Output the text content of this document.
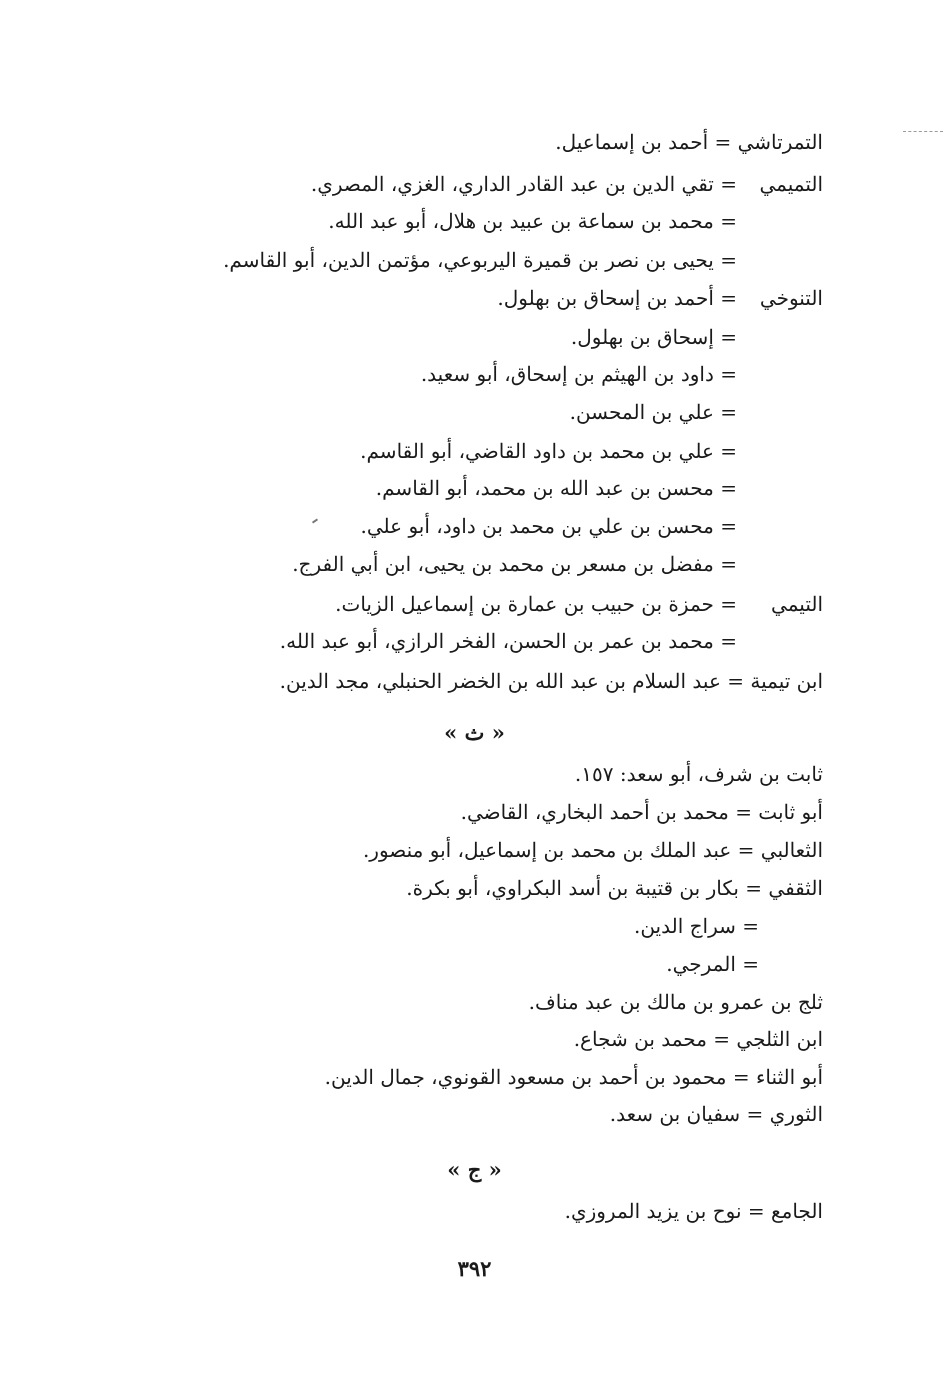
التمرتاشي = أحمد بن إسماعيل.
التميمي= تقي الدين بن عبد القادر الداري، الغزي، المصري.
= محمد بن سماعة بن عبيد بن هلال، أبو عبد الله.
= يحيى بن نصر بن قميرة اليربوعي، مؤتمن الدين، أبو القاسم.
التنوخي= أحمد بن إسحاق بن بهلول.
= إسحاق بن بهلول.
= داود بن الهيثم بن إسحاق، أبو سعيد.
= علي بن المحسن.
= علي بن محمد بن داود القاضي، أبو القاسم.
= محسن بن عبد الله بن محمد، أبو القاسم.
= محسن بن علي بن محمد بن داود، أبو علي.
= مفضل بن مسعر بن محمد بن يحيى، ابن أبي الفرج.
التيمي= حمزة بن حبيب بن عمارة بن إسماعيل الزيات.
= محمد بن عمر بن الحسن، الفخر الرازي، أبو عبد الله.
ابن تيمية = عبد السلام بن عبد الله بن الخضر الحنبلي، مجد الدين.
« ث »
ثابت بن شرف، أبو سعد: ١٥٧.
أبو ثابت = محمد بن أحمد البخاري، القاضي.
الثعالبي = عبد الملك بن محمد بن إسماعيل، أبو منصور.
الثقفي = بكار بن قتيبة بن أسد البكراوي، أبو بكرة.
= سراج الدين.
= المرجي.
ثلج بن عمرو بن مالك بن عبد مناف.
ابن الثلجي = محمد بن شجاع.
أبو الثناء = محمود بن أحمد بن مسعود القونوي، جمال الدين.
الثوري = سفيان بن سعد.
« ج »
الجامع = نوح بن يزيد المروزي.
٣٩٢
